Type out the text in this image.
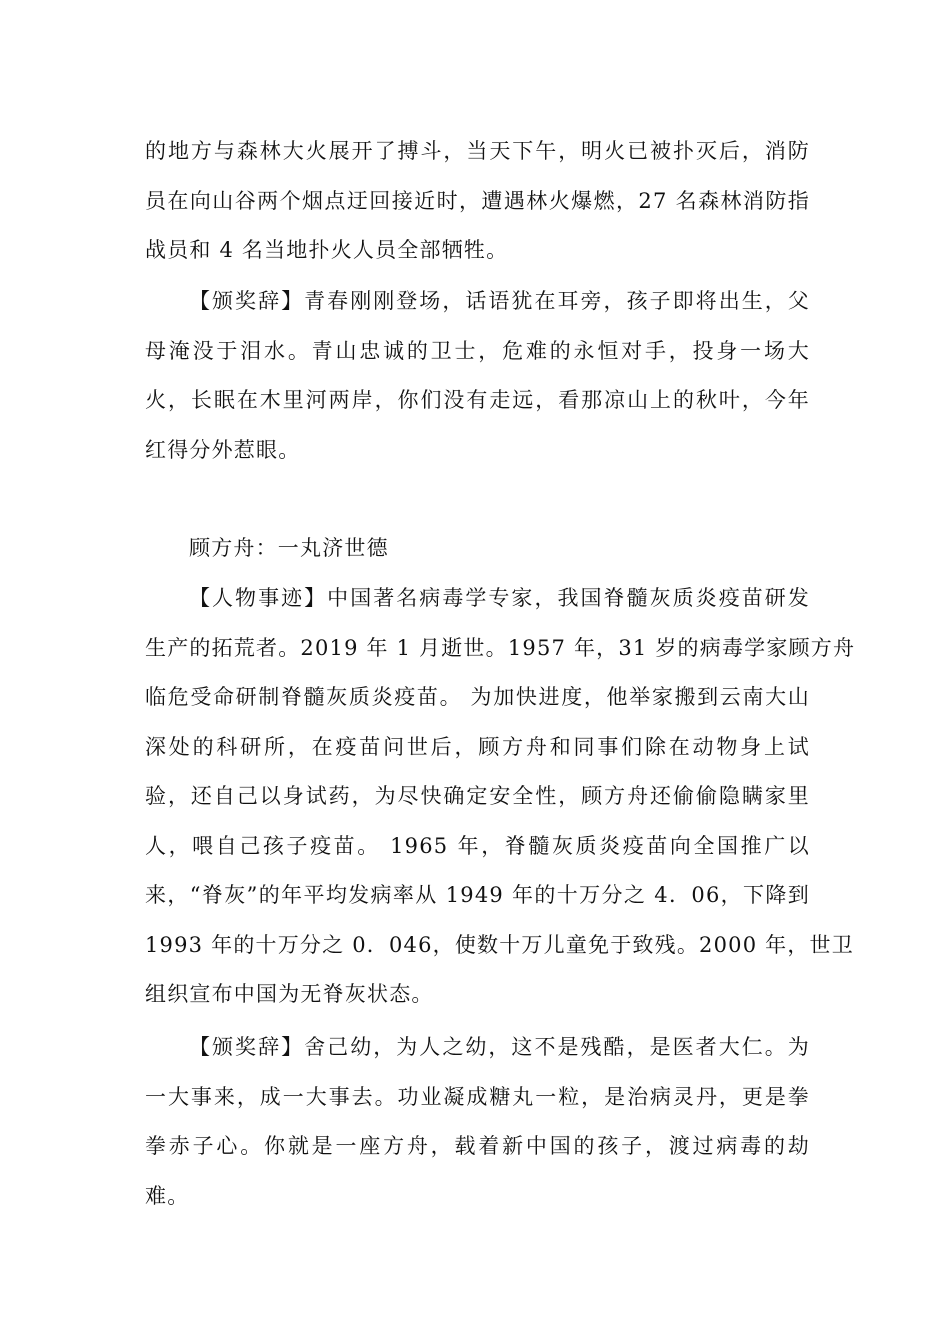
的地方与森林大火展开了搏斗，当天下午，明火已被扑灭后，消防
员在向山谷两个烟点迂回接近时，遭遇林火爆燃，27 名森林消防指
战员和 4 名当地扑火人员全部牺牲。
【颁奖辞】青春刚刚登场，话语犹在耳旁，孩子即将出生，父
母淹没于泪水。青山忠诚的卫士，危难的永恒对手，投身一场大
火，长眠在木里河两岸，你们没有走远，看那凉山上的秋叶，今年
红得分外惹眼。
顾方舟：一丸济世德
【人物事迹】中国著名病毒学专家，我国脊髓灰质炎疫苗研发
生产的拓荒者。2019 年 1 月逝世。1957 年，31 岁的病毒学家顾方舟
临危受命研制脊髓灰质炎疫苗。 为加快进度，他举家搬到云南大山
深处的科研所，在疫苗问世后，顾方舟和同事们除在动物身上试
验，还自己以身试药，为尽快确定安全性，顾方舟还偷偷隐瞒家里
人，喂自己孩子疫苗。 1965 年，脊髓灰质炎疫苗向全国推广以
来，“脊灰”的年平均发病率从 1949 年的十万分之 4．06，下降到
1993 年的十万分之 0．046，使数十万儿童免于致残。2000 年，世卫
组织宣布中国为无脊灰状态。
【颁奖辞】舍己幼，为人之幼，这不是残酷，是医者大仁。为
一大事来，成一大事去。功业凝成糖丸一粒，是治病灵丹，更是拳
拳赤子心。你就是一座方舟，载着新中国的孩子，渡过病毒的劫
难。
